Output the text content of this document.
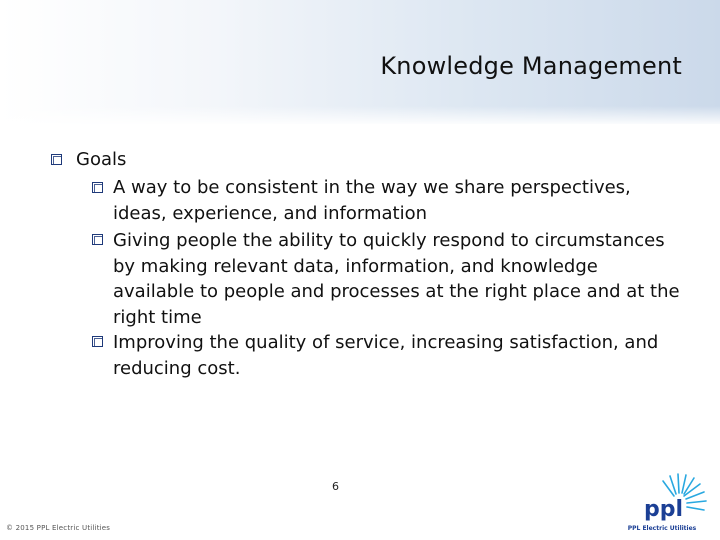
Knowledge Management
Goals
A way to be consistent in the way we share perspectives, ideas, experience, and information
Giving people the ability to quickly respond to circumstances by making relevant data, information, and knowledge available to people and processes at the right place and at the right time
Improving the quality of service, increasing satisfaction, and reducing cost.
6
© 2015 PPL Electric Utilities
ppl
PPL Electric Utilities
